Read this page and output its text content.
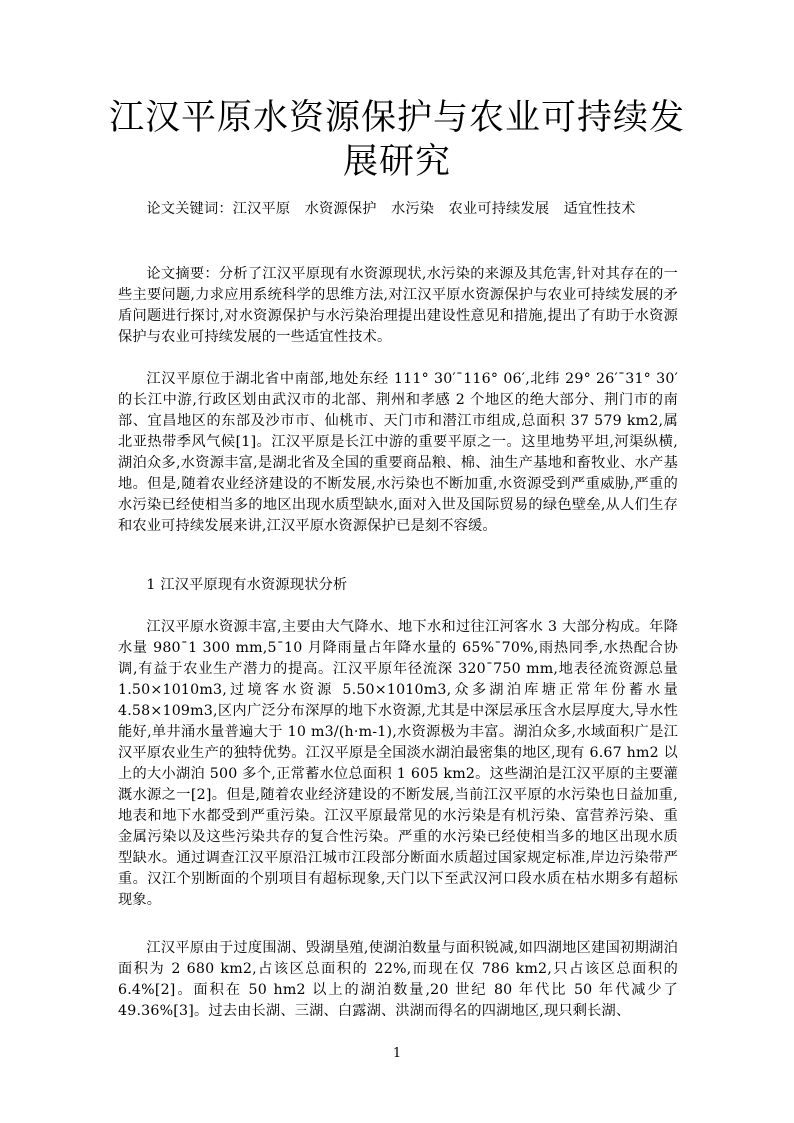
江汉平原水资源保护与农业可持续发展研究
论文关键词：江汉平原　水资源保护　水污染　农业可持续发展　适宜性技术
论文摘要：分析了江汉平原现有水资源现状,水污染的来源及其危害,针对其存在的一些主要问题,力求应用系统科学的思维方法,对江汉平原水资源保护与农业可持续发展的矛盾问题进行探讨,对水资源保护与水污染治理提出建设性意见和措施,提出了有助于水资源保护与农业可持续发展的一些适宜性技术。
江汉平原位于湖北省中南部,地处东经 111° 30′¯116° 06′,北纬 29° 26′¯31° 30′的长江中游,行政区划由武汉市的北部、荆州和孝感 2 个地区的绝大部分、荆门市的南部、宜昌地区的东部及沙市市、仙桃市、天门市和潜江市组成,总面积 37 579 km2,属北亚热带季风气候[1]。江汉平原是长江中游的重要平原之一。这里地势平坦,河渠纵横,湖泊众多,水资源丰富,是湖北省及全国的重要商品粮、棉、油生产基地和畜牧业、水产基地。但是,随着农业经济建设的不断发展,水污染也不断加重,水资源受到严重威胁,严重的水污染已经使相当多的地区出现水质型缺水,面对入世及国际贸易的绿色壁垒,从人们生存和农业可持续发展来讲,江汉平原水资源保护已是刻不容缓。
1 江汉平原现有水资源现状分析
江汉平原水资源丰富,主要由大气降水、地下水和过往江河客水 3 大部分构成。年降水量 980¯1 300 mm,5¯10 月降雨量占年降水量的 65%¯70%,雨热同季,水热配合协调,有益于农业生产潜力的提高。江汉平原年径流深 320¯750 mm,地表径流资源总量 1.50×1010m3,过境客水资源 5.50×1010m3,众多湖泊库塘正常年份蓄水量 4.58×109m3,区内广泛分布深厚的地下水资源,尤其是中深层承压含水层厚度大,导水性能好,单井涌水量普遍大于 10 m3/(h·m-1),水资源极为丰富。湖泊众多,水域面积广是江汉平原农业生产的独特优势。江汉平原是全国淡水湖泊最密集的地区,现有 6.67 hm2 以上的大小湖泊 500 多个,正常蓄水位总面积 1 605 km2。这些湖泊是江汉平原的主要灌溉水源之一[2]。但是,随着农业经济建设的不断发展,当前江汉平原的水污染也日益加重,地表和地下水都受到严重污染。江汉平原最常见的水污染是有机污染、富营养污染、重金属污染以及这些污染共存的复合性污染。严重的水污染已经使相当多的地区出现水质型缺水。通过调查江汉平原沿江城市江段部分断面水质超过国家规定标准,岸边污染带严重。汉江个别断面的个别项目有超标现象,天门以下至武汉河口段水质在枯水期多有超标现象。
江汉平原由于过度围湖、毁湖垦殖,使湖泊数量与面积锐减,如四湖地区建国初期湖泊面积为 2 680 km2,占该区总面积的 22%,而现在仅 786 km2,只占该区总面积的 6.4%[2]。面积在 50 hm2 以上的湖泊数量,20 世纪 80 年代比 50 年代减少了 49.36%[3]。过去由长湖、三湖、白露湖、洪湖而得名的四湖地区,现只剩长湖、
1
